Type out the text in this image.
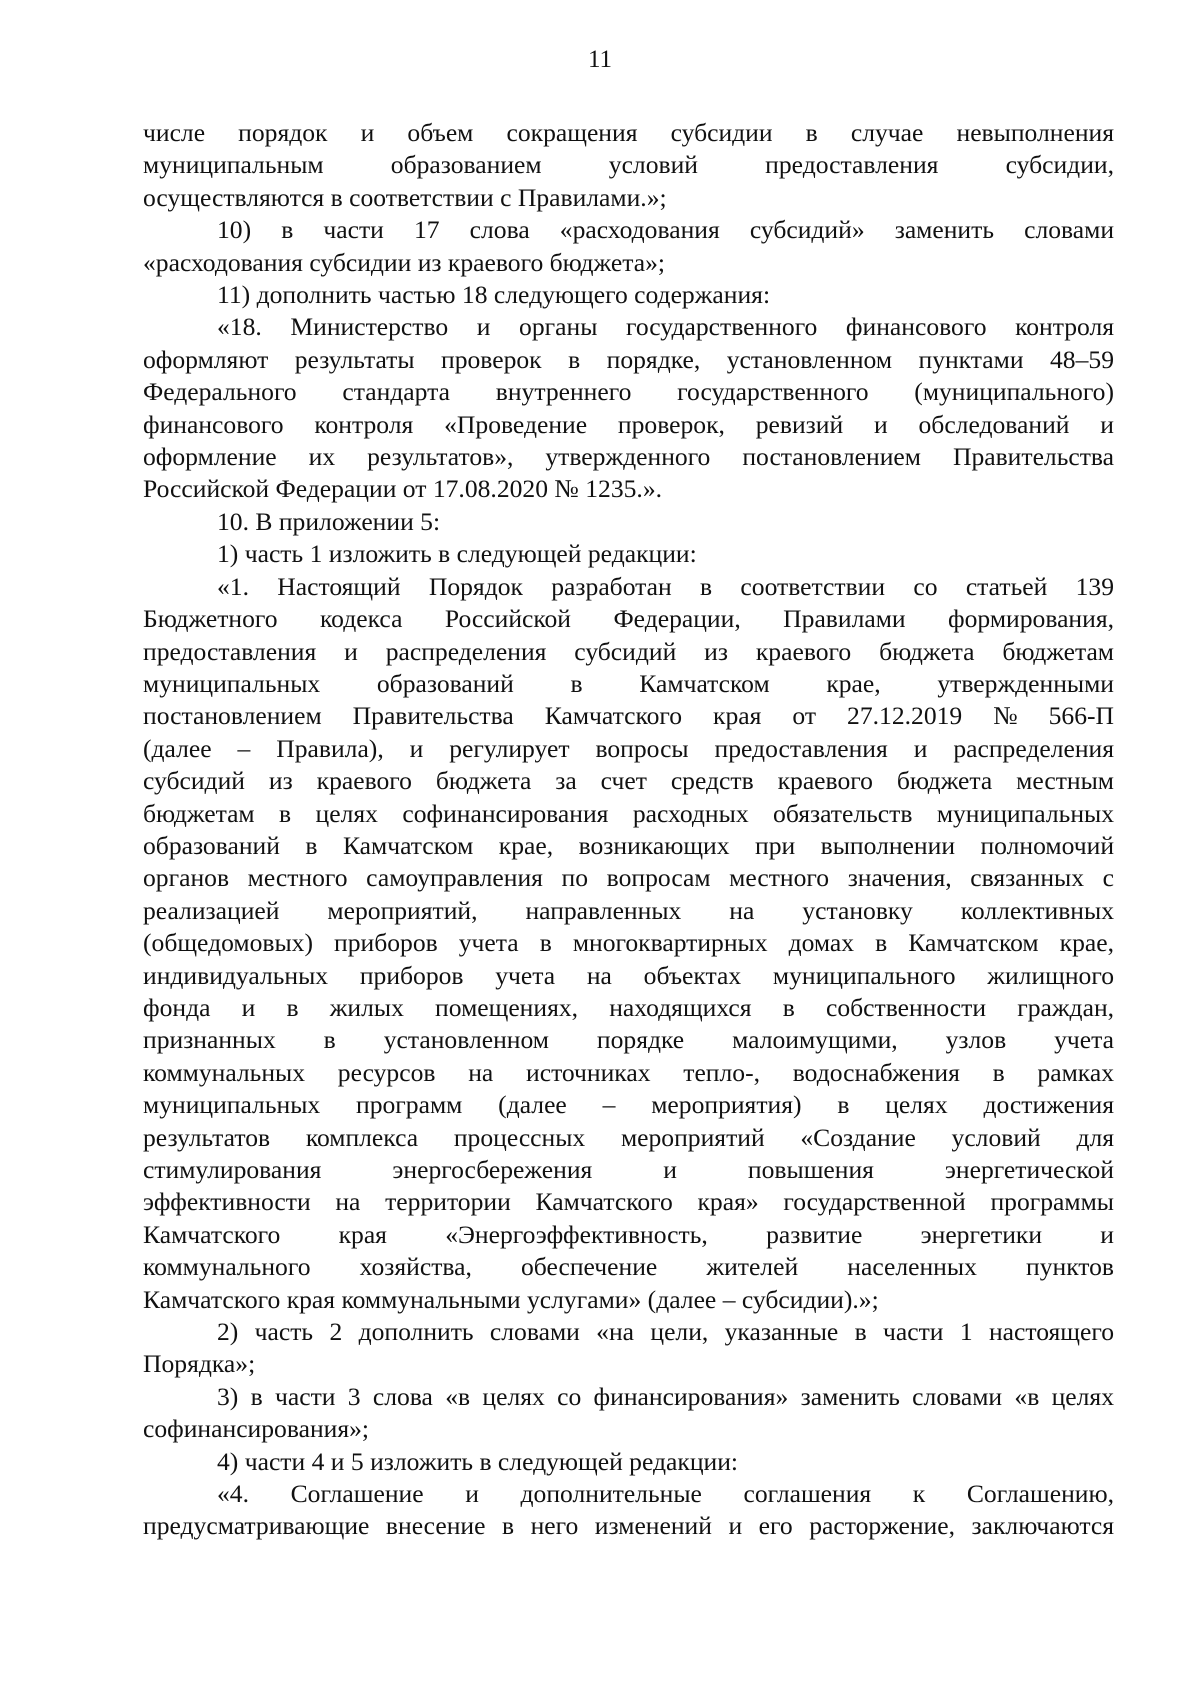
11
числе порядок и объем сокращения субсидии в случае невыполнения
муниципальным образованием условий предоставления субсидии,
осуществляются в соответствии с Правилами.»;
10) в части 17 слова «расходования субсидий» заменить словами
«расходования субсидии из краевого бюджета»;
11) дополнить частью 18 следующего содержания:
«18. Министерство и органы государственного финансового контроля
оформляют результаты проверок в порядке, установленном пунктами 48–59
Федерального стандарта внутреннего государственного (муниципального)
финансового контроля «Проведение проверок, ревизий и обследований и
оформление их результатов», утвержденного постановлением Правительства
Российской Федерации от 17.08.2020 № 1235.».
10. В приложении 5:
1) часть 1 изложить в следующей редакции:
«1. Настоящий Порядок разработан в соответствии со статьей 139
Бюджетного кодекса Российской Федерации, Правилами формирования,
предоставления и распределения субсидий из краевого бюджета бюджетам
муниципальных образований в Камчатском крае, утвержденными
постановлением Правительства Камчатского края от 27.12.2019 № 566-П
(далее – Правила), и регулирует вопросы предоставления и распределения
субсидий из краевого бюджета за счет средств краевого бюджета местным
бюджетам в целях софинансирования расходных обязательств муниципальных
образований в Камчатском крае, возникающих при выполнении полномочий
органов местного самоуправления по вопросам местного значения, связанных с
реализацией мероприятий, направленных на установку коллективных
(общедомовых) приборов учета в многоквартирных домах в Камчатском крае,
индивидуальных приборов учета на объектах муниципального жилищного
фонда и в жилых помещениях, находящихся в собственности граждан,
признанных в установленном порядке малоимущими, узлов учета
коммунальных ресурсов на источниках тепло-, водоснабжения в рамках
муниципальных программ (далее – мероприятия) в целях достижения
результатов комплекса процессных мероприятий «Создание условий для
стимулирования энергосбережения и повышения энергетической
эффективности на территории Камчатского края» государственной программы
Камчатского края «Энергоэффективность, развитие энергетики и
коммунального хозяйства, обеспечение жителей населенных пунктов
Камчатского края коммунальными услугами» (далее – субсидии).»;
2) часть 2 дополнить словами «на цели, указанные в части 1 настоящего
Порядка»;
3) в части 3 слова «в целях со финансирования» заменить словами «в целях
софинансирования»;
4) части 4 и 5 изложить в следующей редакции:
«4. Соглашение и дополнительные соглашения к Соглашению,
предусматривающие внесение в него изменений и его расторжение, заключаются
